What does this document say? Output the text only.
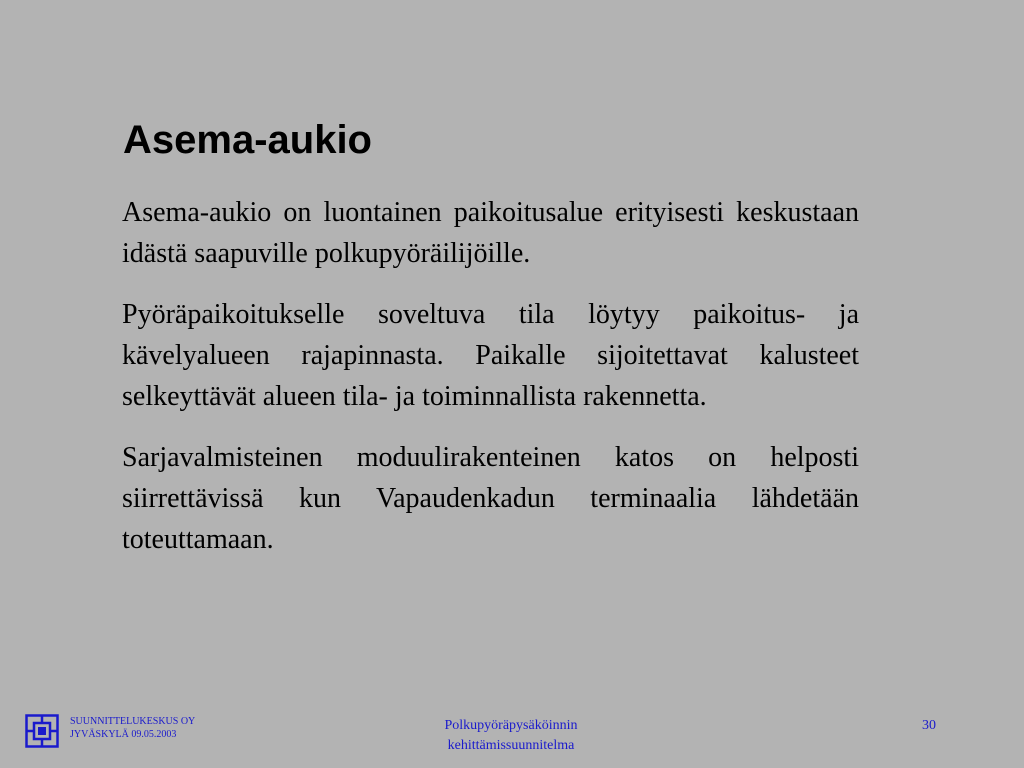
Asema-aukio

Asema-aukio on luontainen paikoitusalue erityisesti keskustaan idästä saapuville polkupyöräilijöille.

Pyöräpaikoitukselle soveltuva tila löytyy paikoitus- ja kävelyalueen rajapinnasta. Paikalle sijoitettavat kalusteet selkeyttävät alueen tila- ja toiminnallista rakennetta.

Sarjavalmisteinen moduulirakenteinen katos on helposti siirrettävissä kun Vapaudenkadun terminaalia lähdetään toteuttamaan.

SUUNNITTELUKESKUS OY
JYVÄSKYLÄ 09.05.2003
Polkupyöräpysäköinnin
kehittämissuunnitelma
30
